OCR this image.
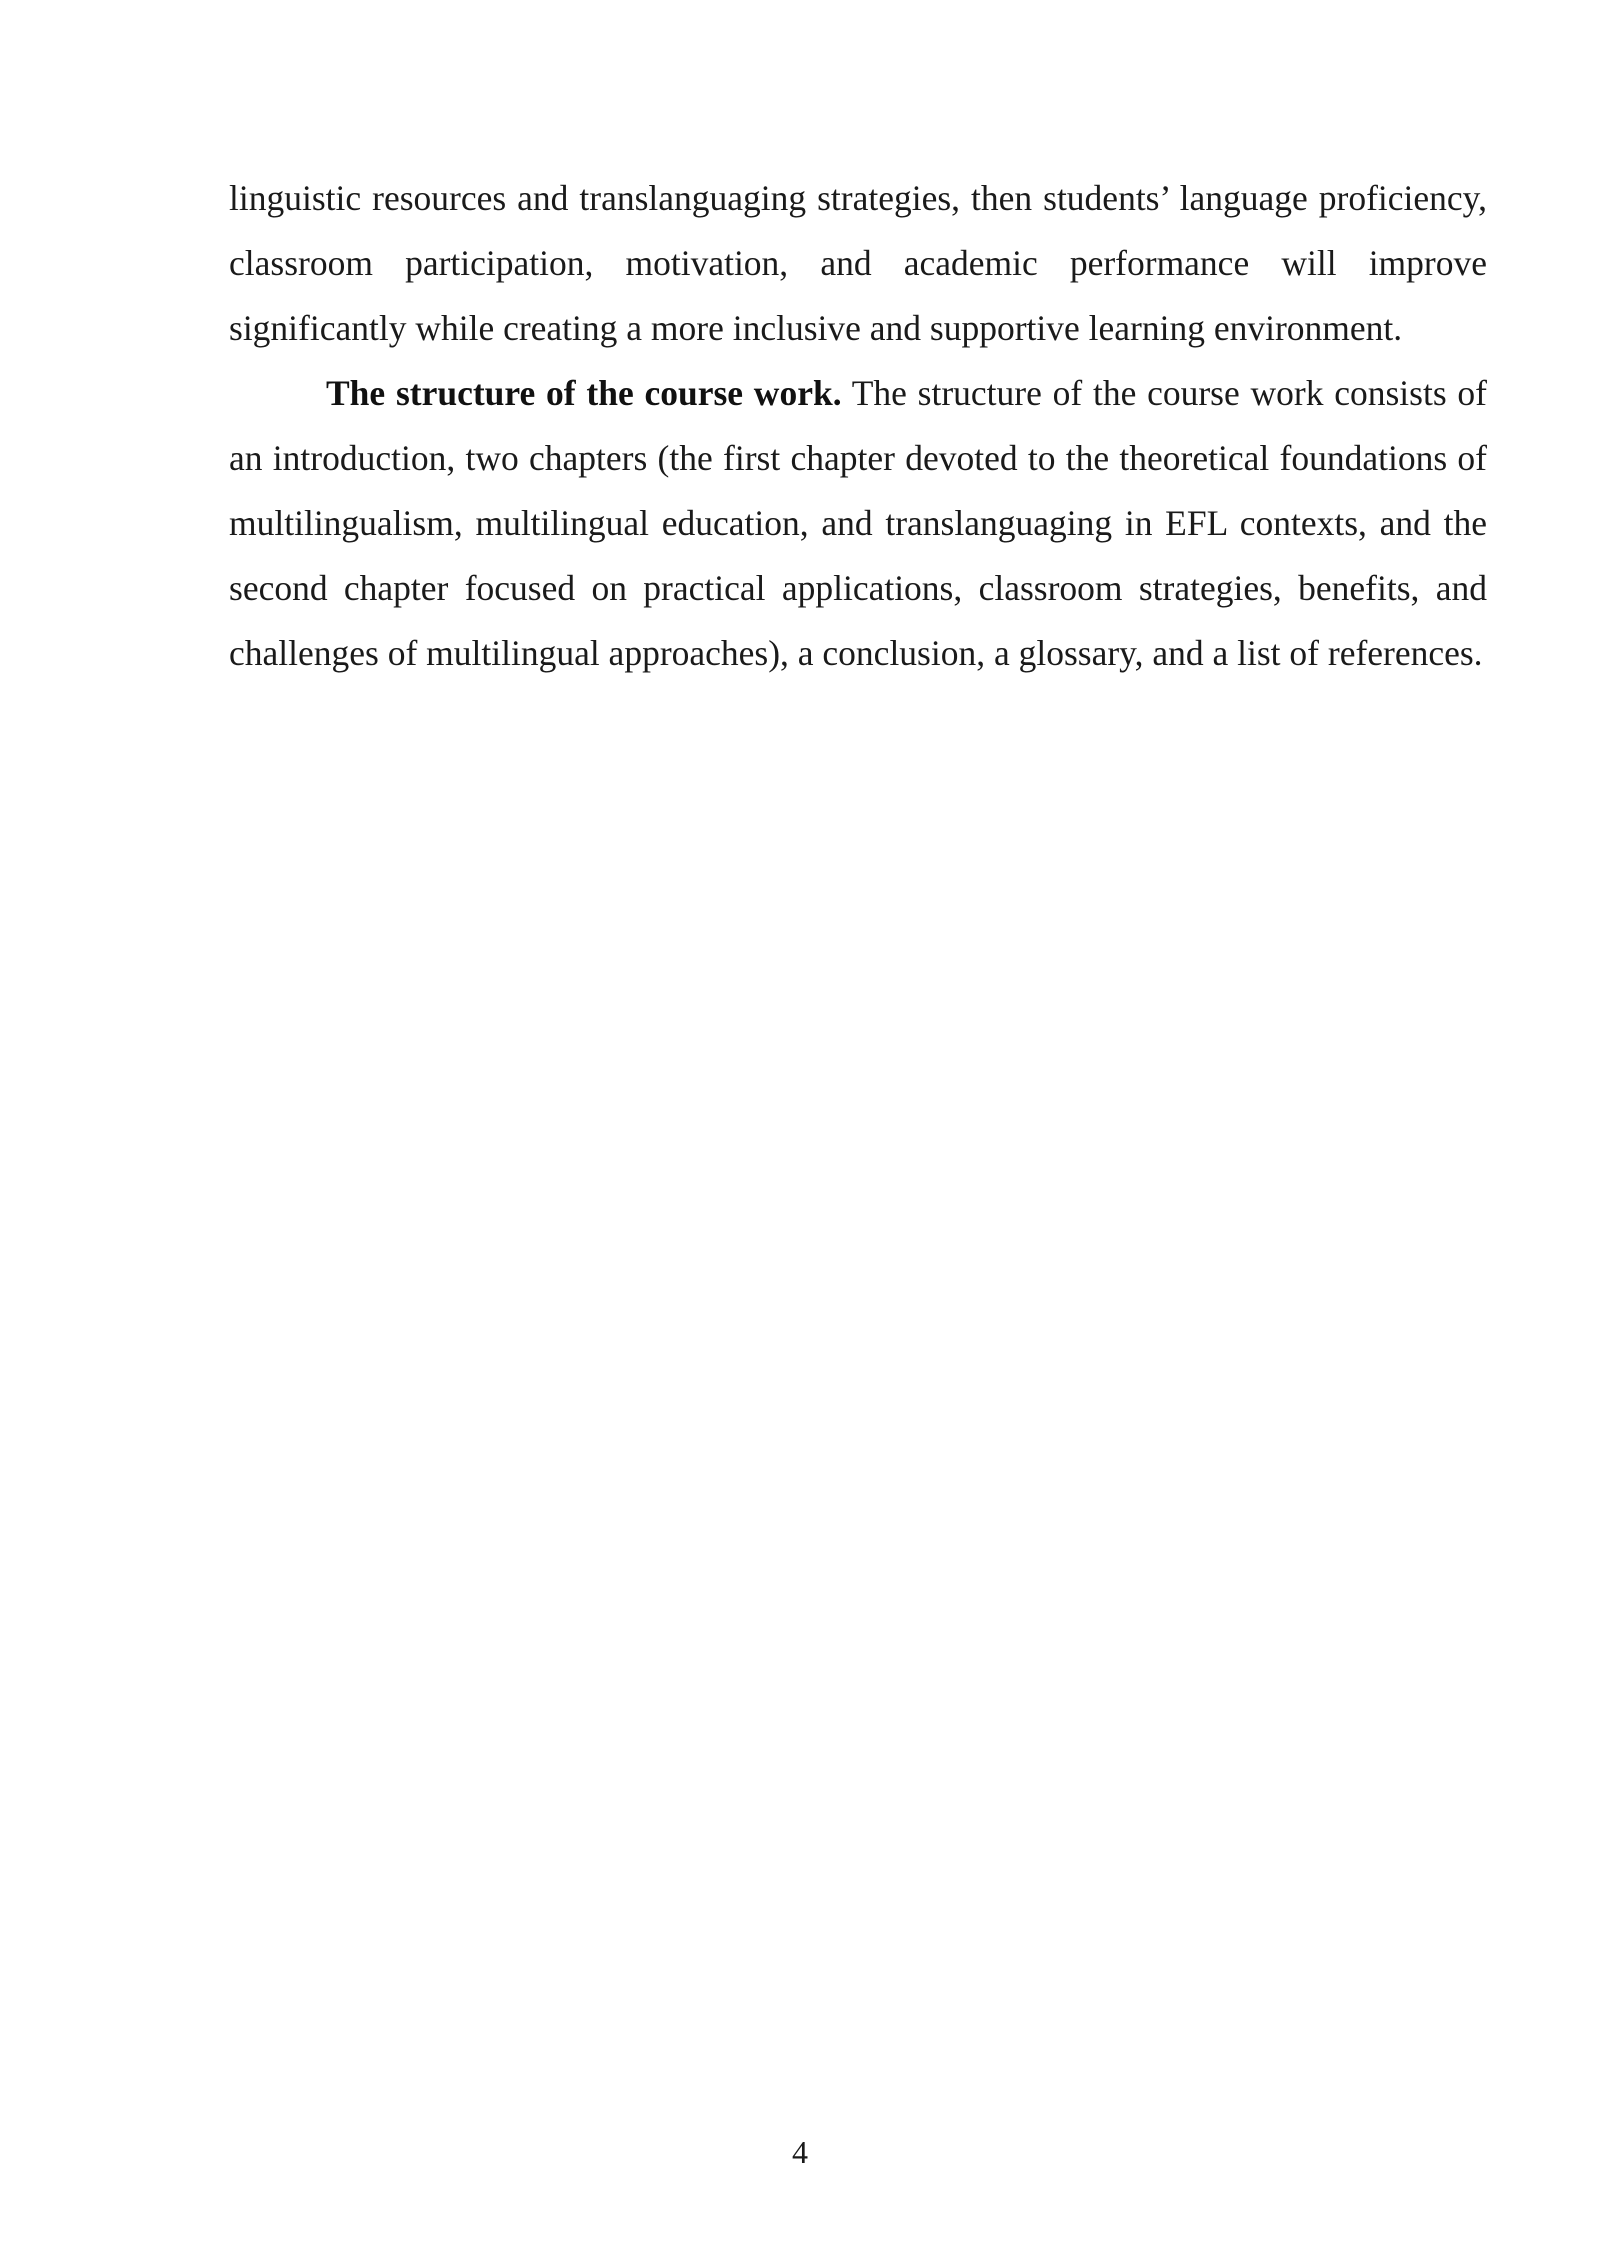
linguistic resources and translanguaging strategies, then students’ language proficiency, classroom participation, motivation, and academic performance will improve significantly while creating a more inclusive and supportive learning environment.

The structure of the course work. The structure of the course work consists of an introduction, two chapters (the first chapter devoted to the theoretical foundations of multilingualism, multilingual education, and translanguaging in EFL contexts, and the second chapter focused on practical applications, classroom strategies, benefits, and challenges of multilingual approaches), a conclusion, a glossary, and a list of references.

4
